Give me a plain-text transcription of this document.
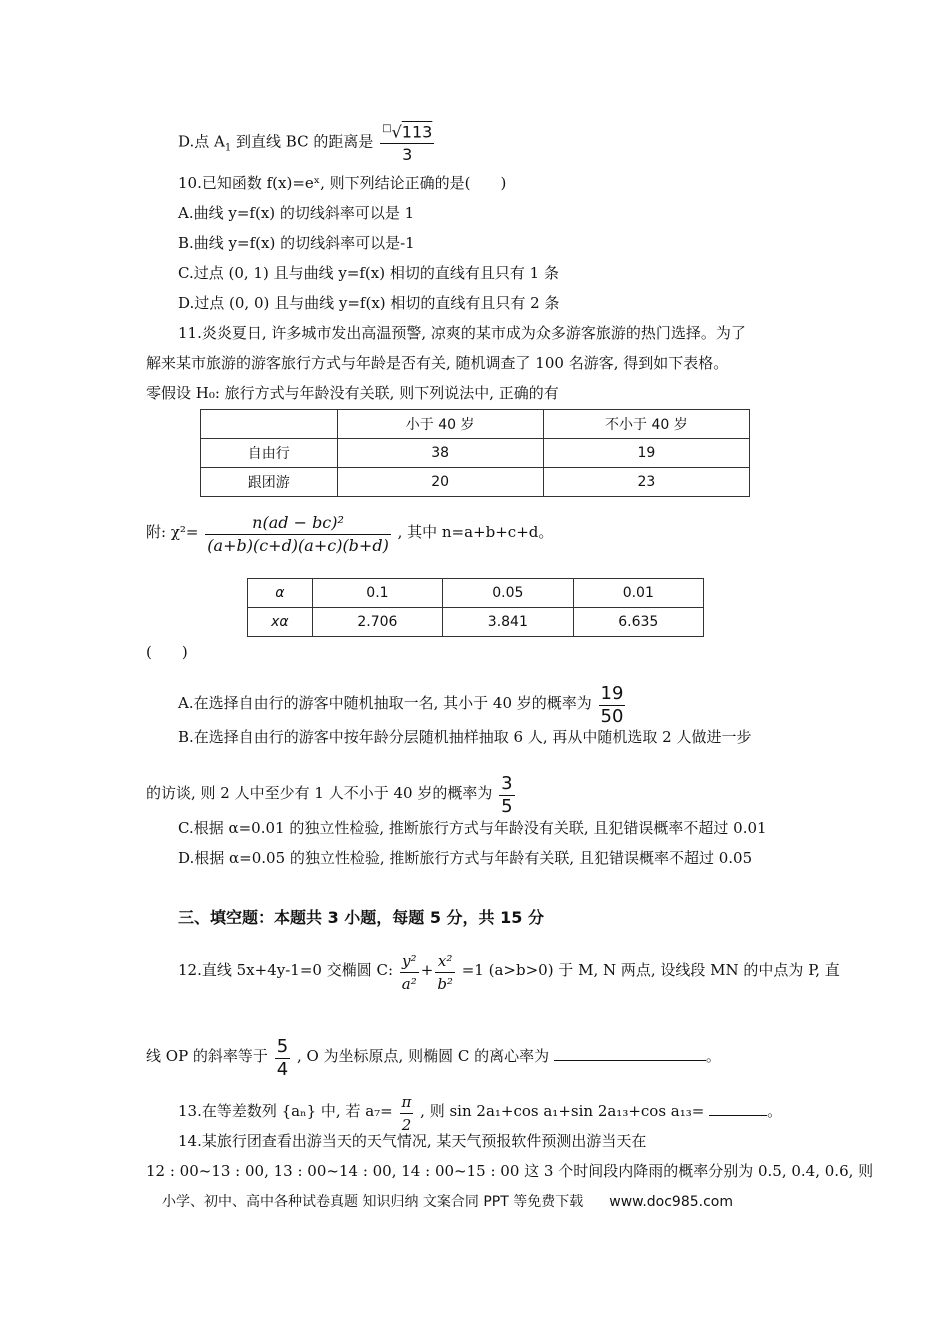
D.点 $A_1$ 到直线 BC 的距离是 $\frac{^□√113}{3}$
10.已知函数 f(x)=eˣ, 则下列结论正确的是(　　)
A.曲线 y=f(x) 的切线斜率可以是 1
B.曲线 y=f(x) 的切线斜率可以是-1
C.过点 (0, 1) 且与曲线 y=f(x) 相切的直线有且只有 1 条
D.过点 (0, 0) 且与曲线 y=f(x) 相切的直线有且只有 2 条
11.炎炎夏日, 许多城市发出高温预警, 凉爽的某市成为众多游客旅游的热门选择。为了
解来某市旅游的游客旅行方式与年龄是否有关, 随机调查了 100 名游客, 得到如下表格。
零假设 H₀: 旅行方式与年龄没有关联, 则下列说法中, 正确的有
	小于 40 岁	不小于 40 岁
自由行	38	19
跟团游	20	23
附: $\chi^2= \frac{\text{n(ad − bc)²}}{(a+b)(c+d)(a+c)(b+d)}$ , 其中 n=a+b+c+d。
α	0.1	0.05	0.01
xα	2.706	3.841	6.635
(　　)
A.在选择自由行的游客中随机抽取一名, 其小于 40 岁的概率为 $\frac{19}{50}$
B.在选择自由行的游客中按年龄分层随机抽样抽取 6 人, 再从中随机选取 2 人做进一步
的访谈, 则 2 人中至少有 1 人不小于 40 岁的概率为 $\frac{3}{5}$
C.根据 α=0.01 的独立性检验, 推断旅行方式与年龄没有关联, 且犯错误概率不超过 0.01
D.根据 α=0.05 的独立性检验, 推断旅行方式与年龄有关联, 且犯错误概率不超过 0.05
三、填空题：本题共 3 小题，每题 5 分，共 15 分
12.直线 5x+4y-1=0 交椭圆 C: $\frac{\text{y²}}{\text{a²}} + \frac{\text{x²}}{\text{b²}} =1$ (a>b>0) 于 M, N 两点, 设线段 MN 的中点为 P, 直
线 OP 的斜率等于 $\frac{5}{4}$ , O 为坐标原点, 则椭圆 C 的离心率为	。
13.在等差数列 {aₙ} 中, 若 $a_7= \frac{\pi}{2}$ , 则 sin 2a₁+cos a₁+sin 2a₁₃+cos a₁₃=	。
14.某旅行团查看出游当天的天气情况, 某天气预报软件预测出游当天在
12 : 00~13 : 00, 13 : 00~14 : 00, 14 : 00~15 : 00 这 3 个时间段内降雨的概率分别为 0.5, 0.4, 0.6, 则
小学、初中、高中各种试卷真题 知识归纳 文案合同 PPT 等免费下载 www.doc985.com
